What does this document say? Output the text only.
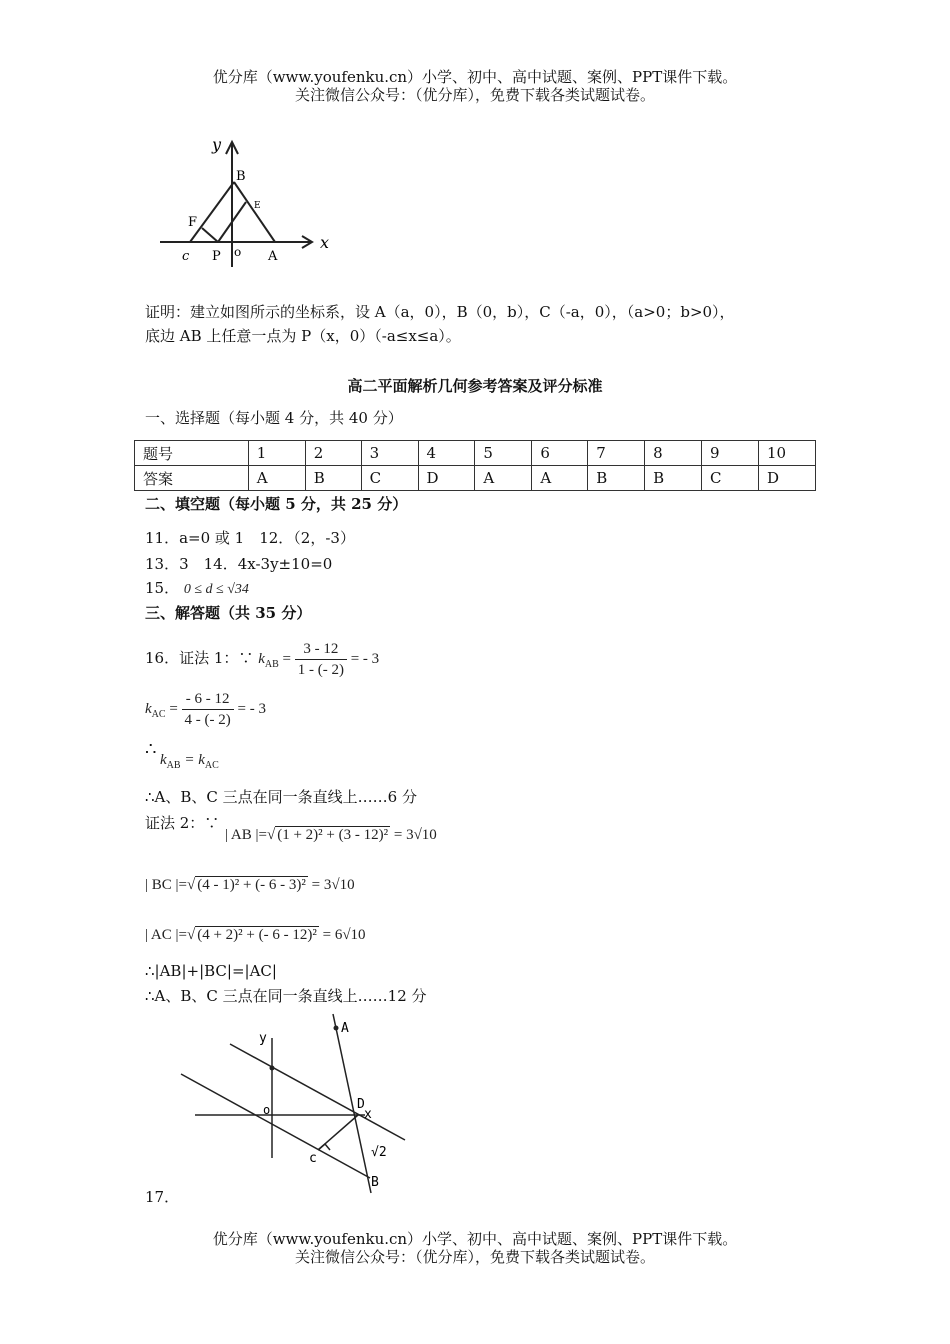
优分库（www.youfenku.cn）小学、初中、高中试题、案例、PPT课件下载。
关注微信公众号：（优分库），免费下载各类试题试卷。
y
x
B
F
c P o A
E
证明：建立如图所示的坐标系，设 A（a，0），B（0，b），C（-a，0），（a>0；b>0），
底边 AB 上任意一点为 P（x，0）（-a≤x≤a）。
高二平面解析几何参考答案及评分标准
一、选择题（每小题 4 分，共 40 分）
题号	1	2	3	4	5	6	7	8	9	10
答案	A	B	C	D	A	A	B	B	C	D
二、填空题（每小题 5 分，共 25 分）
11．a=0 或 1　12．（2，-3）
13．3　14．4x-3y±10=0
15． 0 ≤ d ≤ √34
三、解答题（共 35 分）
16．证法 1：∵ $k_{AB} = \frac{3 - 12}{1 - (- 2)}$ = - 3
$k_{AC} = \frac{- 6 - 12}{4 - (- 2)}$ = - 3
∴ $k_{AB} = k_{AC}$
∴A、B、C 三点在同一条直线上……6 分
证法 2：∵
| AB |=√ (1 + 2)² + (3 - 12)² = 3√10
| BC |=√ (4 - 1)² + (- 6 - 3)² = 3√10
| AC |=√ (4 + 2)² + (- 6 - 12)² = 6√10
∴|AB|+|BC|=|AC|
∴A、B、C 三点在同一条直线上……12 分
A
y
o	D
x
c	√2
B
17．
优分库（www.youfenku.cn）小学、初中、高中试题、案例、PPT课件下载。
关注微信公众号：（优分库），免费下载各类试题试卷。
